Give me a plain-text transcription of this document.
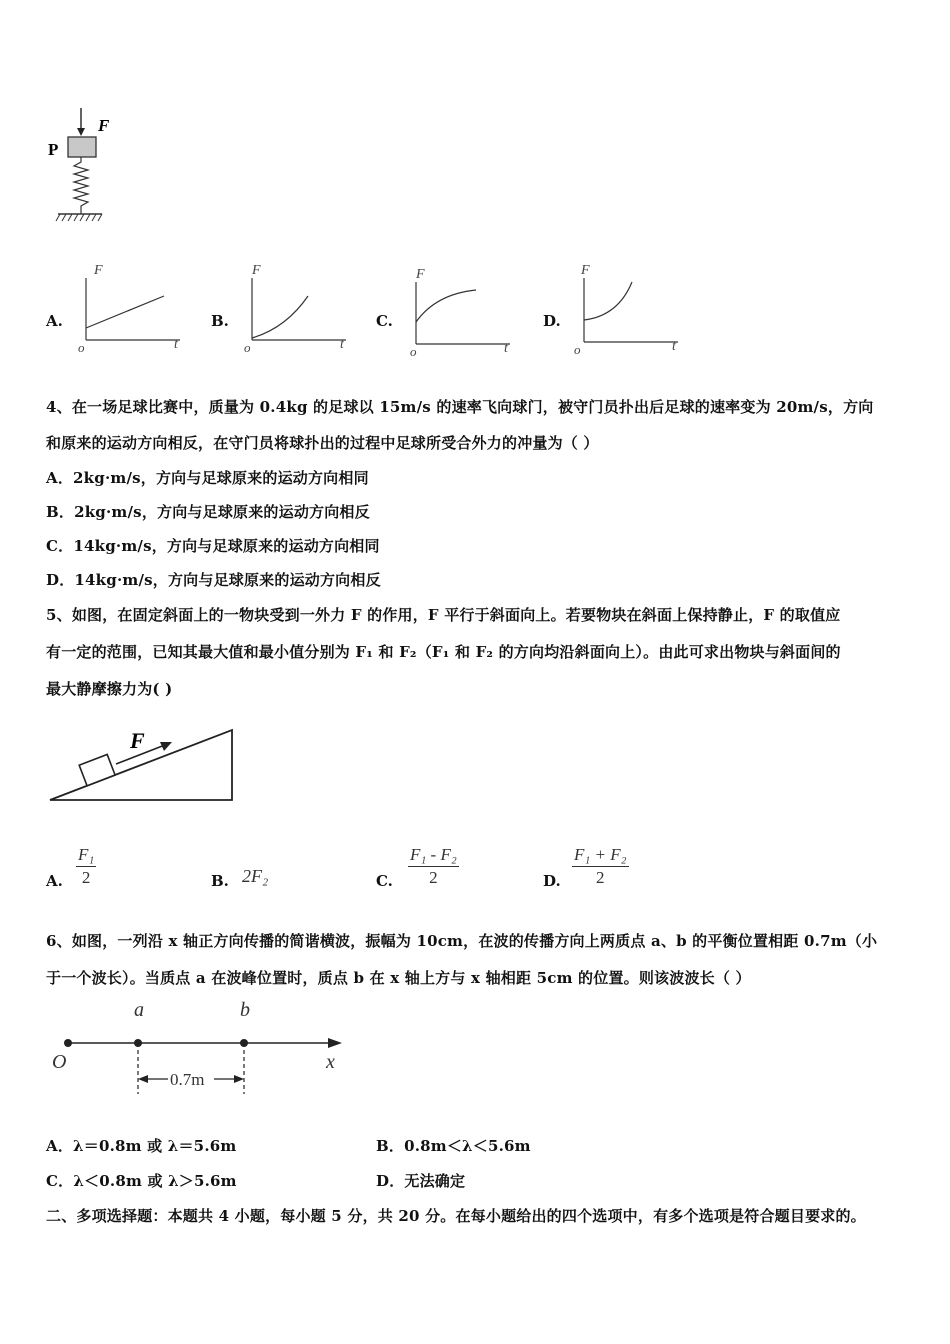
F
P
A.
F
t
o
B.
F
t
o
C.
F
t
o
D.
F
t
o
4、在一场足球比赛中，质量为 0.4kg 的足球以 15m/s 的速率飞向球门，被守门员扑出后足球的速率变为 20m/s，方向
和原来的运动方向相反，在守门员将球扑出的过程中足球所受合外力的冲量为（ ）
A．2kg·m/s，方向与足球原来的运动方向相同
B．2kg·m/s，方向与足球原来的运动方向相反
C．14kg·m/s，方向与足球原来的运动方向相同
D．14kg·m/s，方向与足球原来的运动方向相反
5、如图，在固定斜面上的一物块受到一外力 F 的作用，F 平行于斜面向上。若要物块在斜面上保持静止，F 的取值应
有一定的范围，已知其最大值和最小值分别为 F₁ 和 F₂（F₁ 和 F₂ 的方向均沿斜面向上）。由此可求出物块与斜面间的
最大静摩擦力为( )
F
A. $\frac{\text{F₁}}{2}$	B. 2F₂	C. $\frac{\text{F₁ - F₂}}{2}$	D. $\frac{\text{F₁ + F₂}}{2}$
6、如图，一列沿 x 轴正方向传播的简谐横波，振幅为 10cm，在波的传播方向上两质点 a、b 的平衡位置相距 0.7m（小
于一个波长）。当质点 a 在波峰位置时，质点 b 在 x 轴上方与 x 轴相距 5cm 的位置。则该波波长（ ）
a	b
O	x
0.7m
A．λ＝0.8m 或 λ＝5.6m	B．0.8m＜λ＜5.6m
C．λ＜0.8m 或 λ＞5.6m	D．无法确定
二、多项选择题：本题共 4 小题，每小题 5 分，共 20 分。在每小题给出的四个选项中，有多个选项是符合题目要求的。
